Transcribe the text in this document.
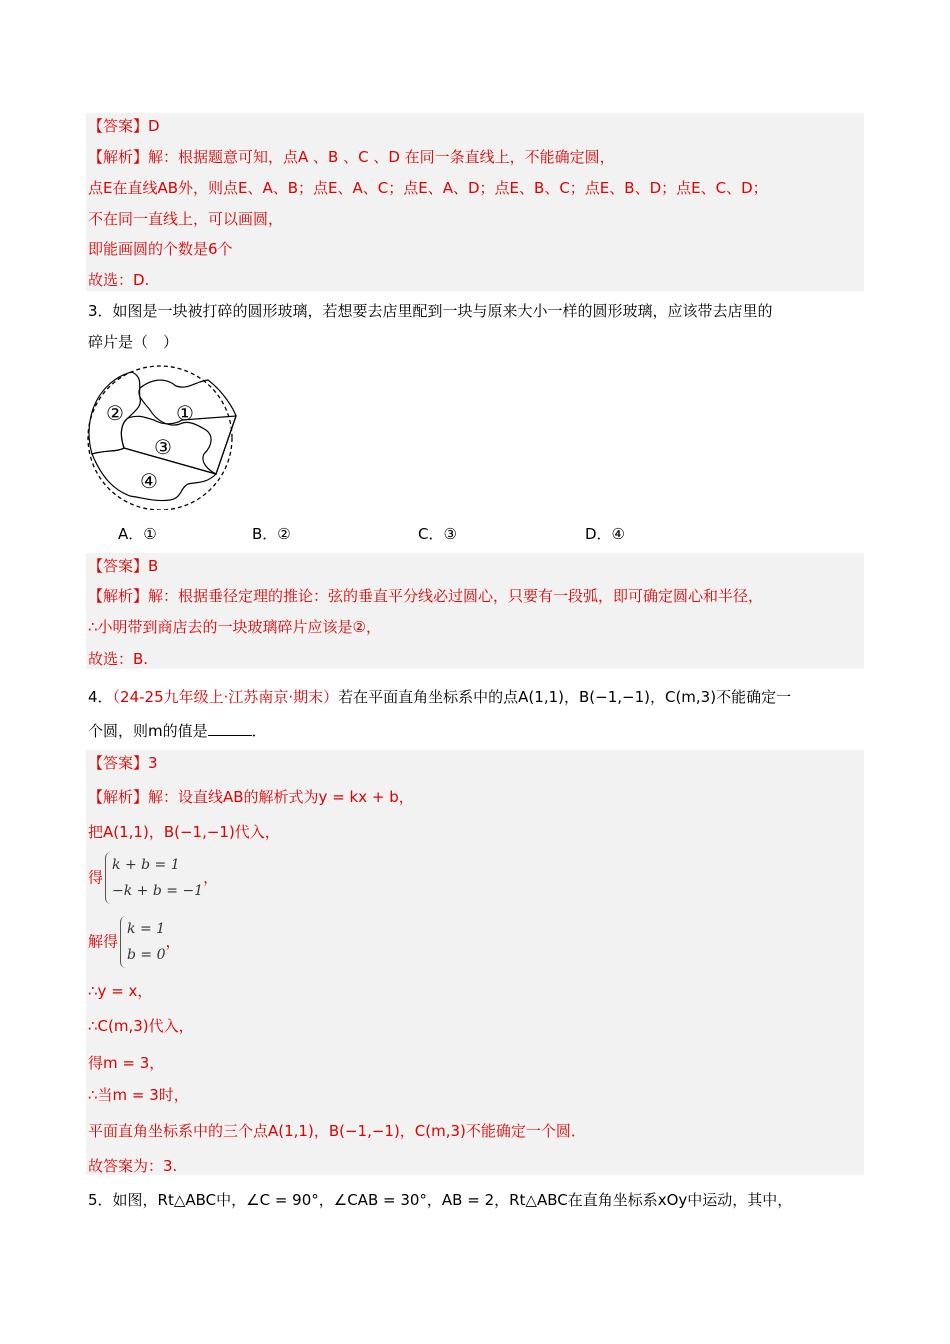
【答案】D
【解析】解：根据题意可知，点A 、B 、C 、D 在同一条直线上，不能确定圆，
点E在直线AB外，则点E、A、B；点E、A、C；点E、A、D；点E、B、C；点E、B、D；点E、C、D；
不在同一直线上，可以画圆，
即能画圆的个数是6个
故选：D.
3．如图是一块被打碎的圆形玻璃，若想要去店里配到一块与原来大小一样的圆形玻璃，应该带去店里的
碎片是（　）
①
②
③
④
A．①	B．②	C．③	D．④
【答案】B
【解析】解：根据垂径定理的推论：弦的垂直平分线必过圆心，只要有一段弧，即可确定圆心和半径，
∴小明带到商店去的一块玻璃碎片应该是②，
故选：B.
4．（24-25九年级上·江苏南京·期末）若在平面直角坐标系中的点A(1,1)，B(−1,−1)，C(m,3)不能确定一
个圆，则m的值是	．
【答案】3
【解析】解：设直线AB的解析式为y = kx + b，
把A(1,1)，B(−1,−1)代入，
得k + b = 1
−k + b = −1，
解得k = 1
b = 0，
∴y = x，
∴C(m,3)代入，
得m = 3，
∴当m = 3时，
平面直角坐标系中的三个点A(1,1)，B(−1,−1)，C(m,3)不能确定一个圆．
故答案为：3.
5．如图，Rt△ABC中，∠C = 90°，∠CAB = 30°，AB = 2，Rt△ABC在直角坐标系xOy中运动，其中，
